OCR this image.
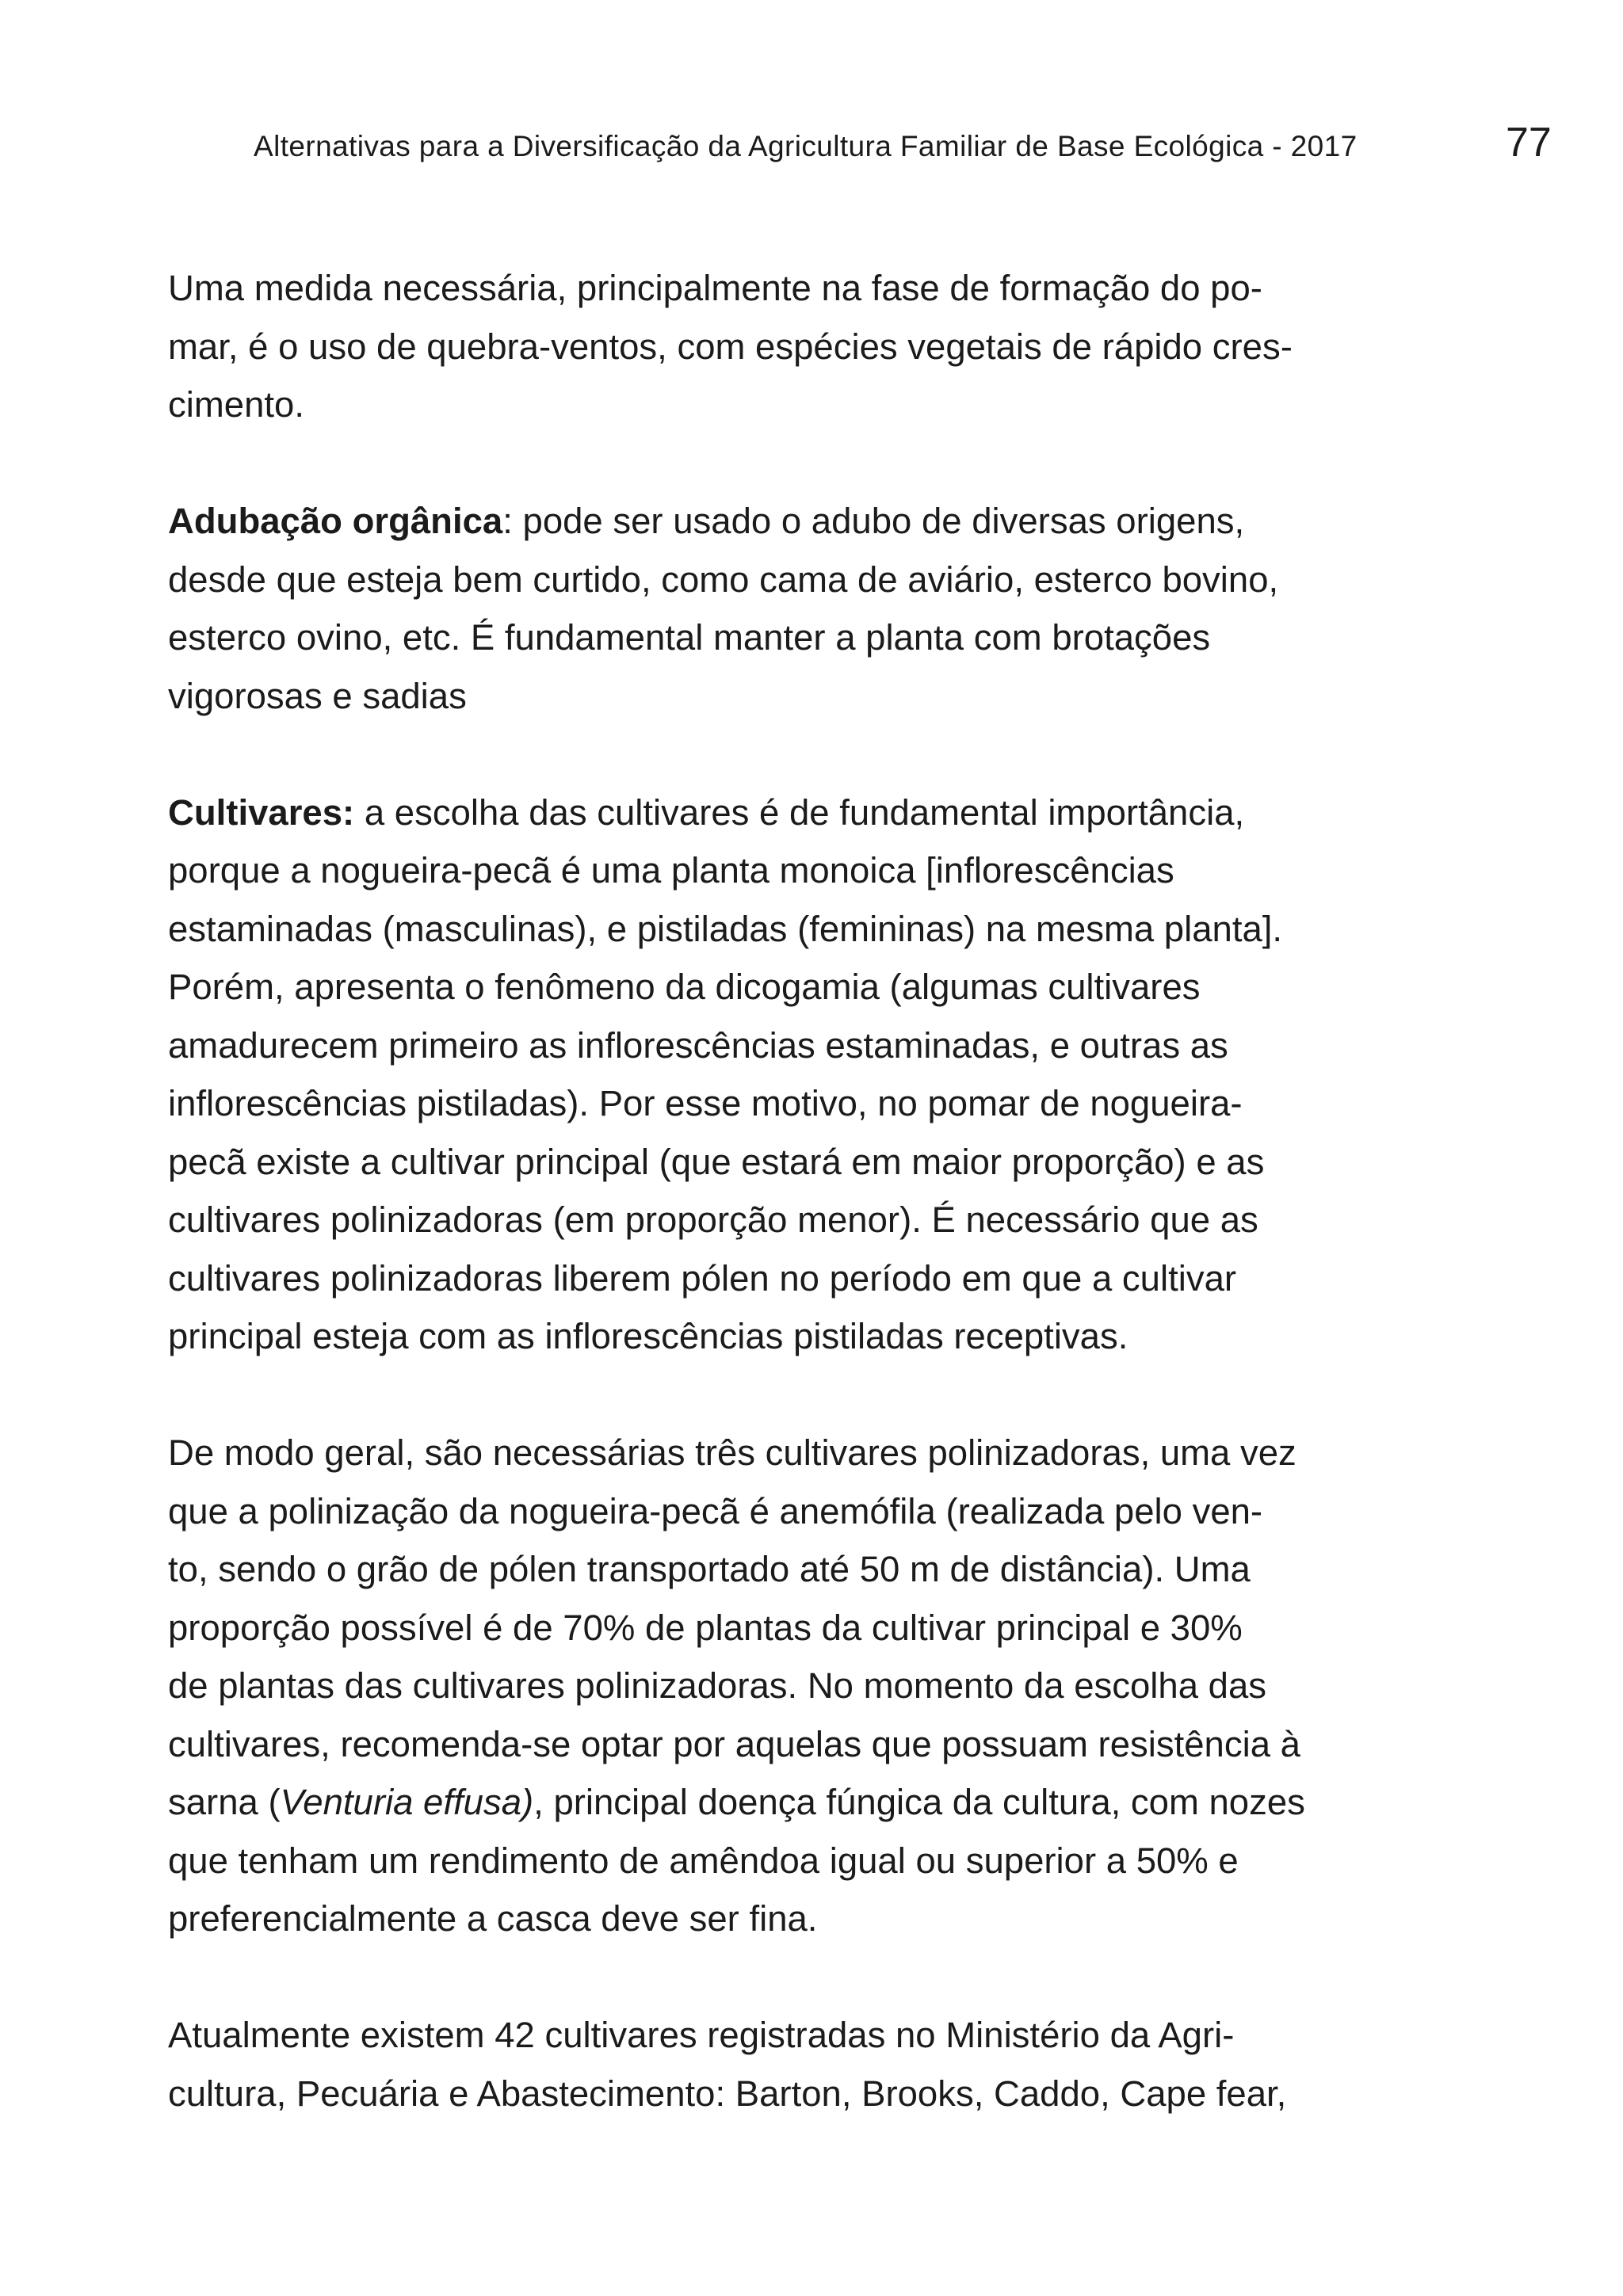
Alternativas para a Diversificação da Agricultura Familiar de Base Ecológica - 2017	77
Uma medida necessária, principalmente na fase de formação do po-
mar, é o uso de quebra-ventos, com espécies vegetais de rápido cres-
cimento.
Adubação orgânica: pode ser usado o adubo de diversas origens,
desde que esteja bem curtido, como cama de aviário, esterco bovino,
esterco ovino, etc. É fundamental manter a planta com brotações
vigorosas e sadias
Cultivares: a escolha das cultivares é de fundamental importância,
porque a nogueira-pecã é uma planta monoica [inflorescências
estaminadas (masculinas), e pistiladas (femininas) na mesma planta].
Porém, apresenta o fenômeno da dicogamia (algumas cultivares
amadurecem primeiro as inflorescências estaminadas, e outras as
inflorescências pistiladas). Por esse motivo, no pomar de nogueira-
pecã existe a cultivar principal (que estará em maior proporção) e as
cultivares polinizadoras (em proporção menor). É necessário que as
cultivares polinizadoras liberem pólen no período em que a cultivar
principal esteja com as inflorescências pistiladas receptivas.
De modo geral, são necessárias três cultivares polinizadoras, uma vez
que a polinização da nogueira-pecã é anemófila (realizada pelo ven-
to, sendo o grão de pólen transportado até 50 m de distância). Uma
proporção possível é de 70% de plantas da cultivar principal e 30%
de plantas das cultivares polinizadoras. No momento da escolha das
cultivares, recomenda-se optar por aquelas que possuam resistência à
sarna (Venturia effusa), principal doença fúngica da cultura, com nozes
que tenham um rendimento de amêndoa igual ou superior a 50% e
preferencialmente a casca deve ser fina.
Atualmente existem 42 cultivares registradas no Ministério da Agri-
cultura, Pecuária e Abastecimento: Barton, Brooks, Caddo, Cape fear,
